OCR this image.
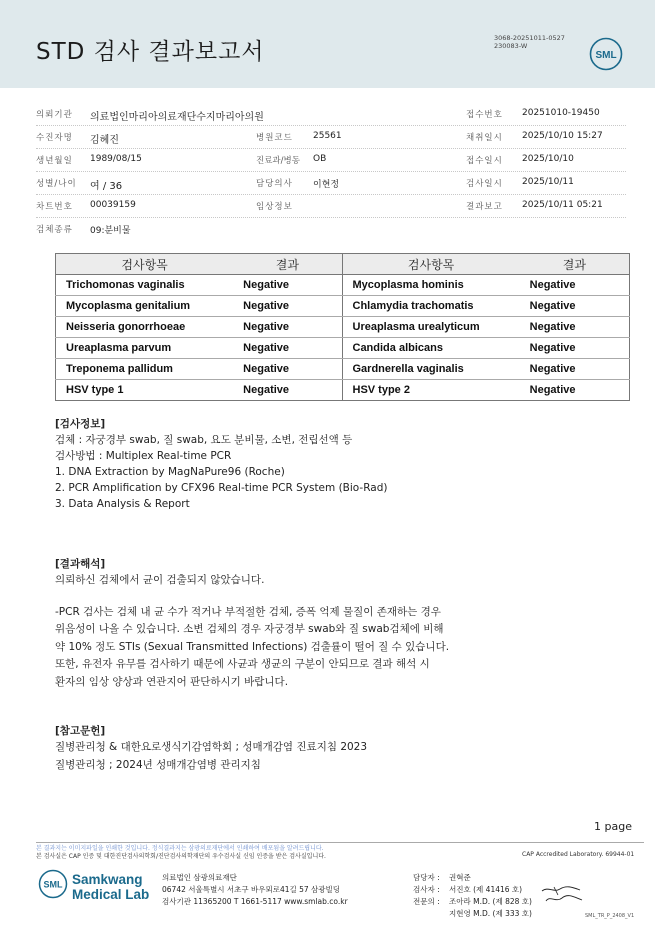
STD 검사 결과보고서
3068-20251011-0527
230083-W
SML
의뢰기관 의료법인마리아의료재단수지마리아의원	접수번호 20251010-19450
수진자명 김혜진	병원코드 25561	채취일시 2025/10/10 15:27
생년월일 1989/08/15	진료과/병동 OB	접수일시 2025/10/10
성별/나이 여 / 36	담당의사 이현정	검사일시 2025/10/11
차트번호 00039159	임상정보	결과보고 2025/10/11 05:21
검체종류 09:분비물
검사항목	결과	검사항목	결과
Trichomonas vaginalis	Negative	Mycoplasma hominis	Negative
Mycoplasma genitalium	Negative	Chlamydia trachomatis	Negative
Neisseria gonorrhoeae	Negative	Ureaplasma urealyticum	Negative
Ureaplasma parvum	Negative	Candida albicans	Negative
Treponema pallidum	Negative	Gardnerella vaginalis	Negative
HSV type 1	Negative	HSV type 2	Negative
[검사정보]
검체 : 자궁경부 swab, 질 swab, 요도 분비물, 소변, 전립선액 등
검사방법 : Multiplex Real-time PCR
1. DNA Extraction by MagNaPure96 (Roche)
2. PCR Amplification by CFX96 Real-time PCR System (Bio-Rad)
3. Data Analysis & Report
[결과해석]
의뢰하신 검체에서 균이 검출되지 않았습니다.
-PCR 검사는 검체 내 균 수가 적거나 부적절한 검체, 증폭 억제 물질이 존재하는 경우
위음성이 나올 수 있습니다. 소변 검체의 경우 자궁경부 swab와 질 swab검체에 비해
약 10% 정도 STIs (Sexual Transmitted Infections) 검출률이 떨어 질 수 있습니다.
또한, 유전자 유무를 검사하기 때문에 사균과 생균의 구분이 안되므로 결과 해석 시
환자의 임상 양상과 연관지어 판단하시기 바랍니다.
[참고문헌]
질병관리청 & 대한요로생식기감염학회 ; 성매개감염 진료지침 2023
질병관리청 ; 2024년 성매개감염병 관리지침
1 page
본 결과지는 이미지파일을 인쇄한 것입니다. 정식결과지는 삼광의료재단에서 인쇄하여 배포됨을 알려드립니다.
본 검사실은 CAP 인증 및 대한진단검사의학회/진단검사의학재단의 우수검사실 신임 인증을 받은 검사실입니다.	CAP Accredited Laboratory. 69944-01
SML Samkwang
Medical Lab
의료법인 삼광의료재단
06742 서울특별시 서초구 바우뫼로41길 57 삼광빌딩
검사기관 11365200 T 1661-5117 www.smlab.co.kr
담당자 : 권혁준
검사자 : 서진호 (제 41416 호)
전문의 : 조아라 M.D. (제 828 호)
지현영 M.D. (제 333 호)	SML_TR_P_2408_V1
